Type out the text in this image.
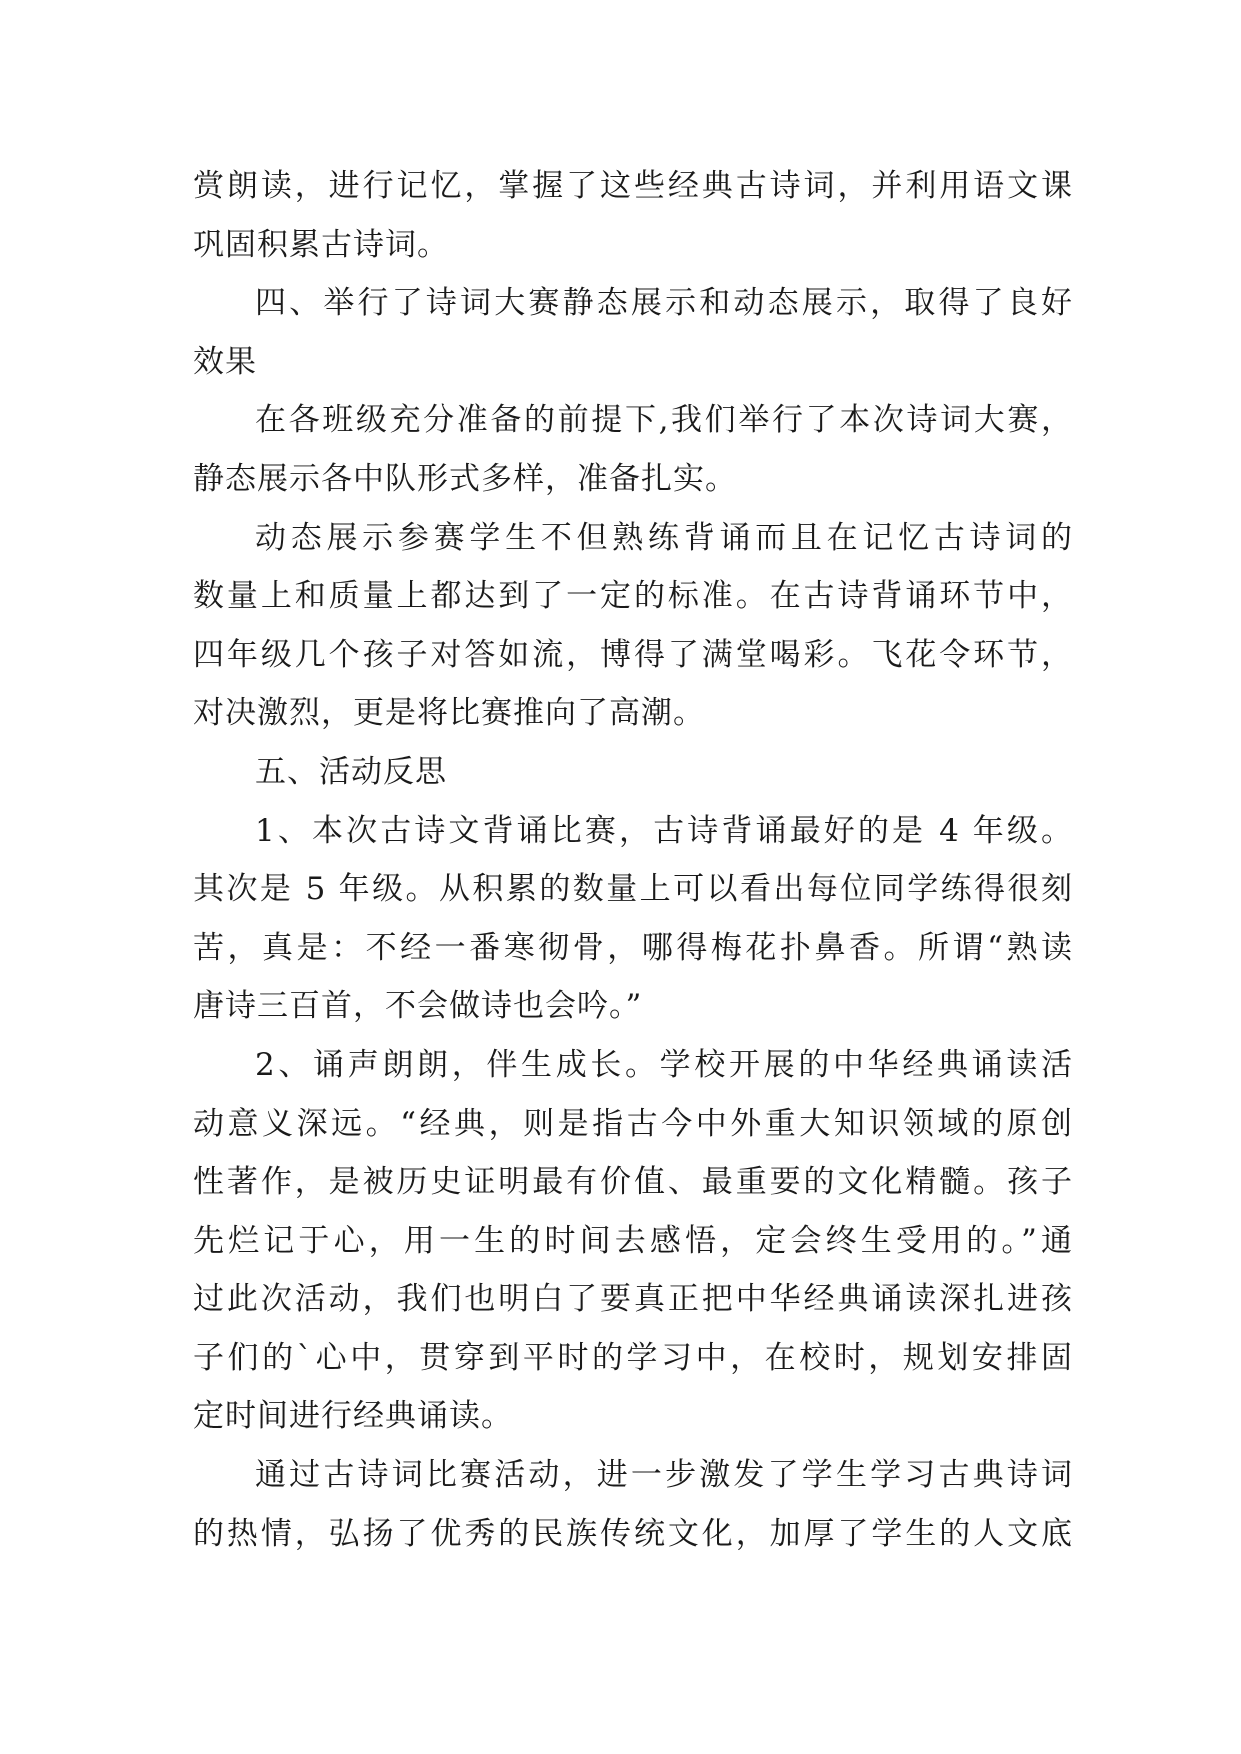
赏朗读，进行记忆，掌握了这些经典古诗词，并利用语文课
巩固积累古诗词。
四、举行了诗词大赛静态展示和动态展示，取得了良好
效果
在各班级充分准备的前提下,我们举行了本次诗词大赛，
静态展示各中队形式多样，准备扎实。
动态展示参赛学生不但熟练背诵而且在记忆古诗词的
数量上和质量上都达到了一定的标准。在古诗背诵环节中，
四年级几个孩子对答如流，博得了满堂喝彩。飞花令环节，
对决激烈，更是将比赛推向了高潮。
五、活动反思
1、本次古诗文背诵比赛，古诗背诵最好的是 4 年级。
其次是 5 年级。从积累的数量上可以看出每位同学练得很刻
苦，真是：不经一番寒彻骨，哪得梅花扑鼻香。所谓“熟读
唐诗三百首，不会做诗也会吟。”
2、诵声朗朗，伴生成长。学校开展的中华经典诵读活
动意义深远。“经典，则是指古今中外重大知识领域的原创
性著作，是被历史证明最有价值、最重要的文化精髓。孩子
先烂记于心，用一生的时间去感悟，定会终生受用的。”通
过此次活动，我们也明白了要真正把中华经典诵读深扎进孩
子们的`心中，贯穿到平时的学习中，在校时，规划安排固
定时间进行经典诵读。
通过古诗词比赛活动，进一步激发了学生学习古典诗词
的热情，弘扬了优秀的民族传统文化，加厚了学生的人文底
